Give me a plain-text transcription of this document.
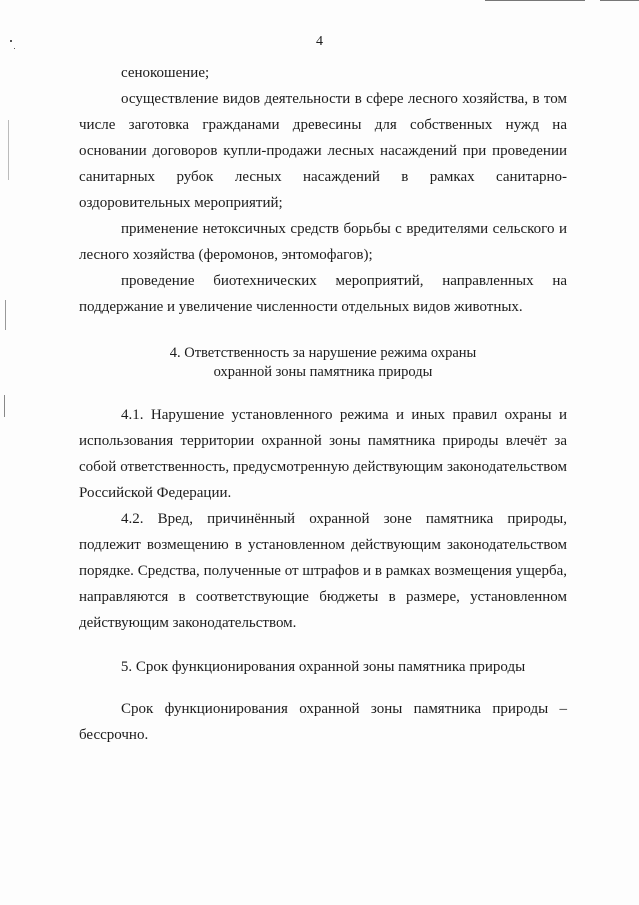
4

сенокошение;

осуществление видов деятельности в сфере лесного хозяйства, в том числе заготовка гражданами древесины для собственных нужд на основании договоров купли-продажи лесных насаждений при проведении санитарных рубок лесных насаждений в рамках санитарно-оздоровительных мероприятий;

применение нетоксичных средств борьбы с вредителями сельского и лесного хозяйства (феромонов, энтомофагов);

проведение биотехнических мероприятий, направленных на поддержание и увеличение численности отдельных видов животных.

4. Ответственность за нарушение режима охраны
охранной зоны памятника природы

4.1. Нарушение установленного режима и иных правил охраны и использования территории охранной зоны памятника природы влечёт за собой ответственность, предусмотренную действующим законодательством Российской Федерации.

4.2. Вред, причинённый охранной зоне памятника природы, подлежит возмещению в установленном действующим законодательством порядке. Средства, полученные от штрафов и в рамках возмещения ущерба, направляются в соответствующие бюджеты в размере, установленном действующим законодательством.

5. Срок функционирования охранной зоны памятника природы

Срок функционирования охранной зоны памятника природы – бессрочно.
